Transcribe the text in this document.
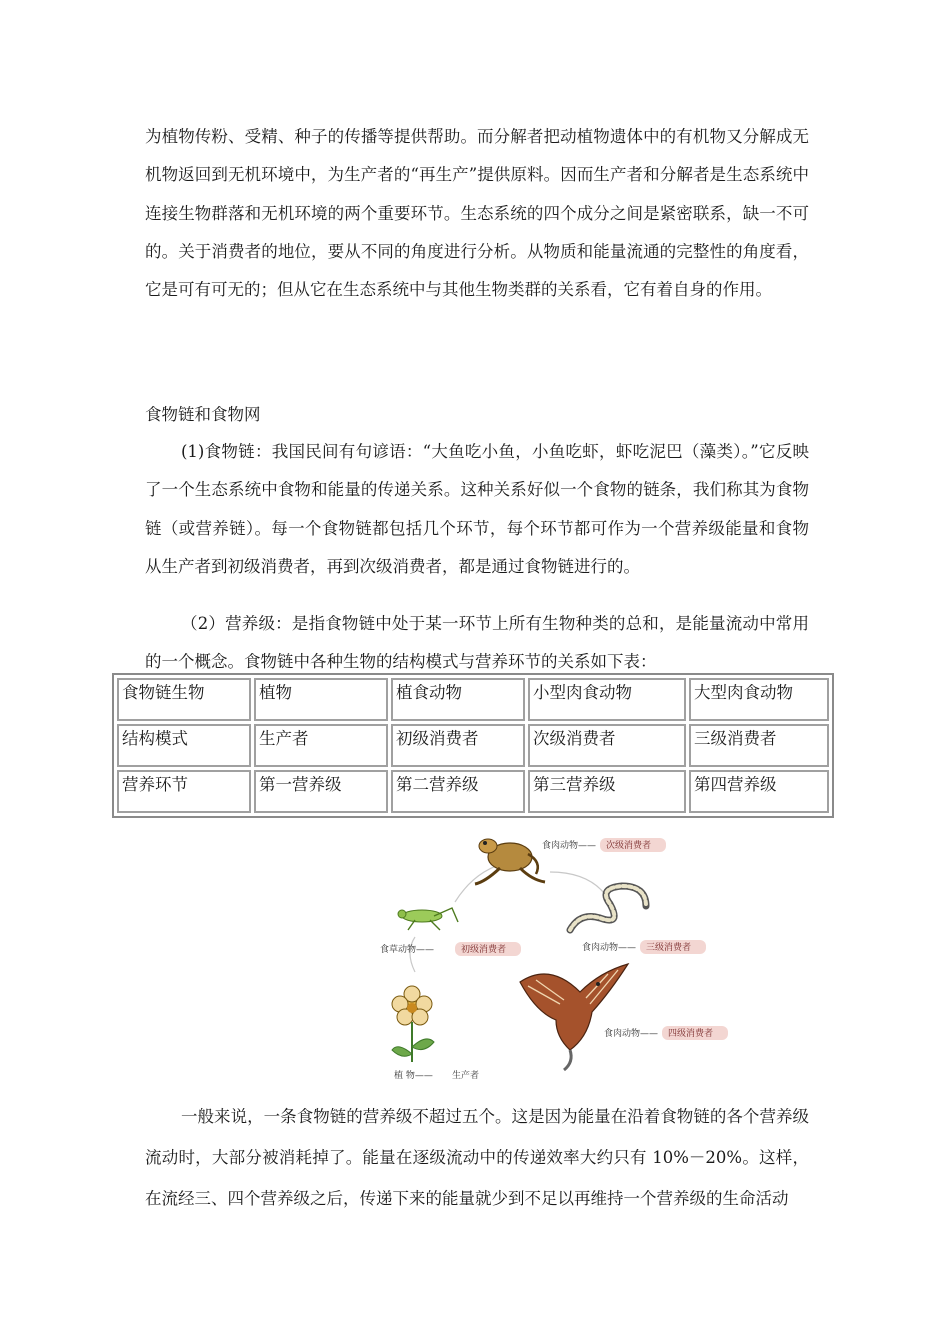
为植物传粉、受精、种子的传播等提供帮助。而分解者把动植物遗体中的有机物又分解成无机物返回到无机环境中，为生产者的“再生产”提供原料。因而生产者和分解者是生态系统中连接生物群落和无机环境的两个重要环节。生态系统的四个成分之间是紧密联系，缺一不可的。关于消费者的地位，要从不同的角度进行分析。从物质和能量流通的完整性的角度看，它是可有可无的；但从它在生态系统中与其他生物类群的关系看，它有着自身的作用。

食物链和食物网

(1)食物链：我国民间有句谚语：“大鱼吃小鱼，小鱼吃虾，虾吃泥巴（藻类）。”它反映了一个生态系统中食物和能量的传递关系。这种关系好似一个食物的链条，我们称其为食物链（或营养链）。每一个食物链都包括几个环节，每个环节都可作为一个营养级能量和食物从生产者到初级消费者，再到次级消费者，都是通过食物链进行的。

（2）营养级：是指食物链中处于某一环节上所有生物种类的总和，是能量流动中常用的一个概念。食物链中各种生物的结构模式与营养环节的关系如下表：

食物链生物	植物	植食动物	小型肉食动物	大型肉食动物
结构模式	生产者	初级消费者	次级消费者	三级消费者
营养环节	第一营养级	第二营养级	第三营养级	第四营养级
食肉动物—— 次级消费者
食草动物——	初级消费者	食肉动物—— 三级消费者
食肉动物—— 四级消费者
植 物—— 生产者

一般来说，一条食物链的营养级不超过五个。这是因为能量在沿着食物链的各个营养级流动时，大部分被消耗掉了。能量在逐级流动中的传递效率大约只有 10%－20%。这样，在流经三、四个营养级之后，传递下来的能量就少到不足以再维持一个营养级的生命活动
